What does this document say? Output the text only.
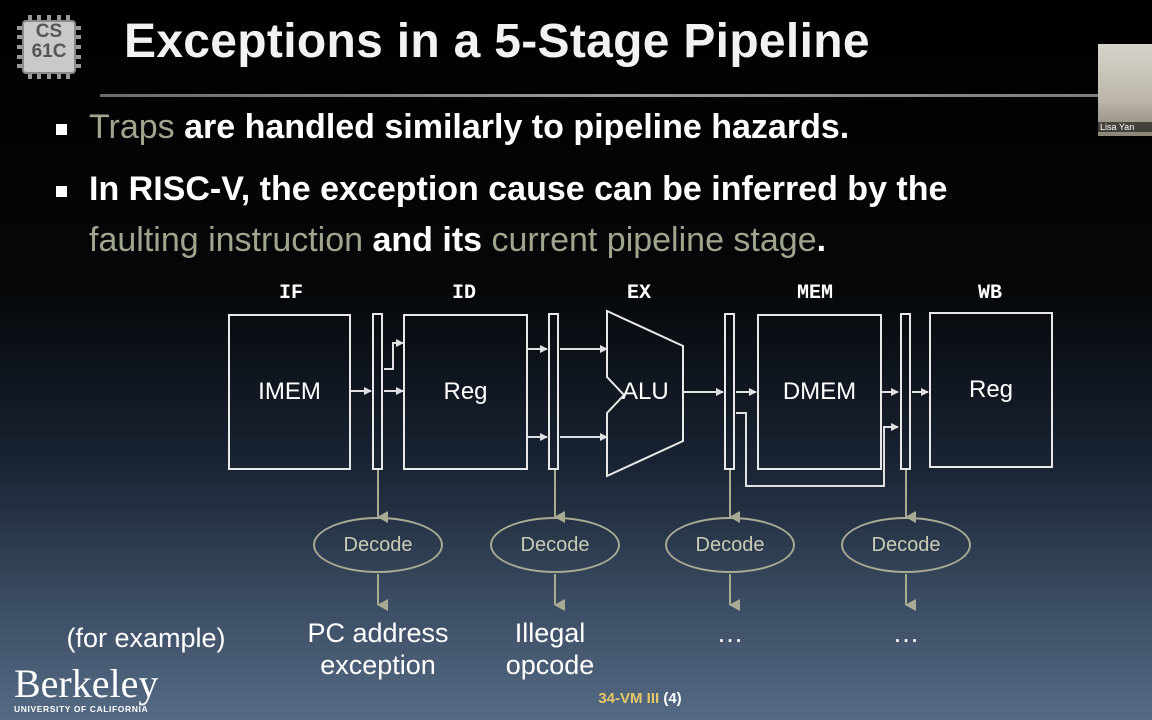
CS
61C Exceptions in a 5-Stage Pipeline
Lisa Yan
Traps are handled similarly to pipeline hazards.
In RISC-V, the exception cause can be inferred by the
faulting instruction and its current pipeline stage.
IF	ID	EX	MEM	WB
IMEM	Reg	ALU	DMEM	Reg
Decode	Decode	Decode	Decode
(for example)	PC address
exception
Illegal
opcode
…	…
Berkeley
UNIVERSITY OF CALIFORNIA
34-VM III (4)
